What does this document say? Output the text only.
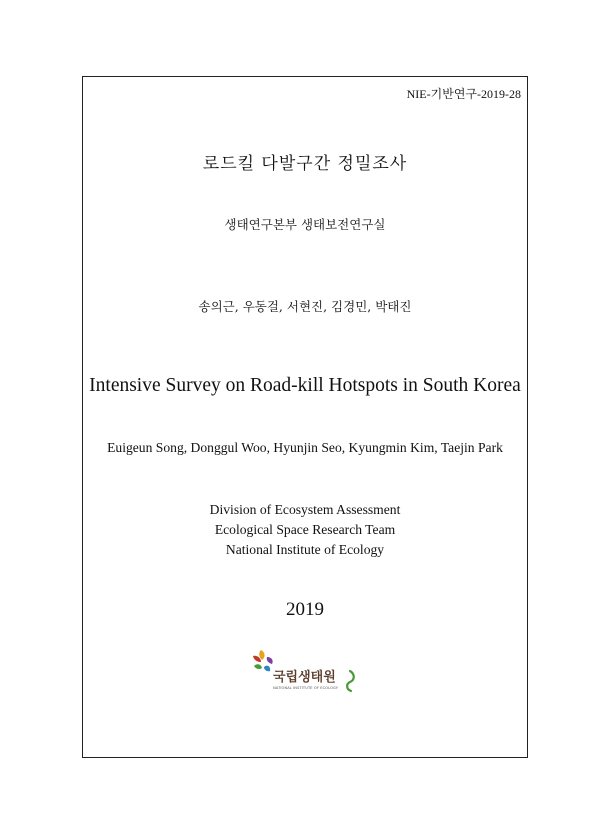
NIE-기반연구-2019-28
로드킬 다발구간 정밀조사
생태연구본부 생태보전연구실
송의근, 우동걸, 서현진, 김경민, 박태진
Intensive Survey on Road-kill Hotspots in South Korea
Euigeun Song, Donggul Woo, Hyunjin Seo, Kyungmin Kim, Taejin Park
Division of Ecosystem Assessment
Ecological Space Research Team
National Institute of Ecology
2019
국립생태원
NATIONAL INSTITUTE OF ECOLOGY
